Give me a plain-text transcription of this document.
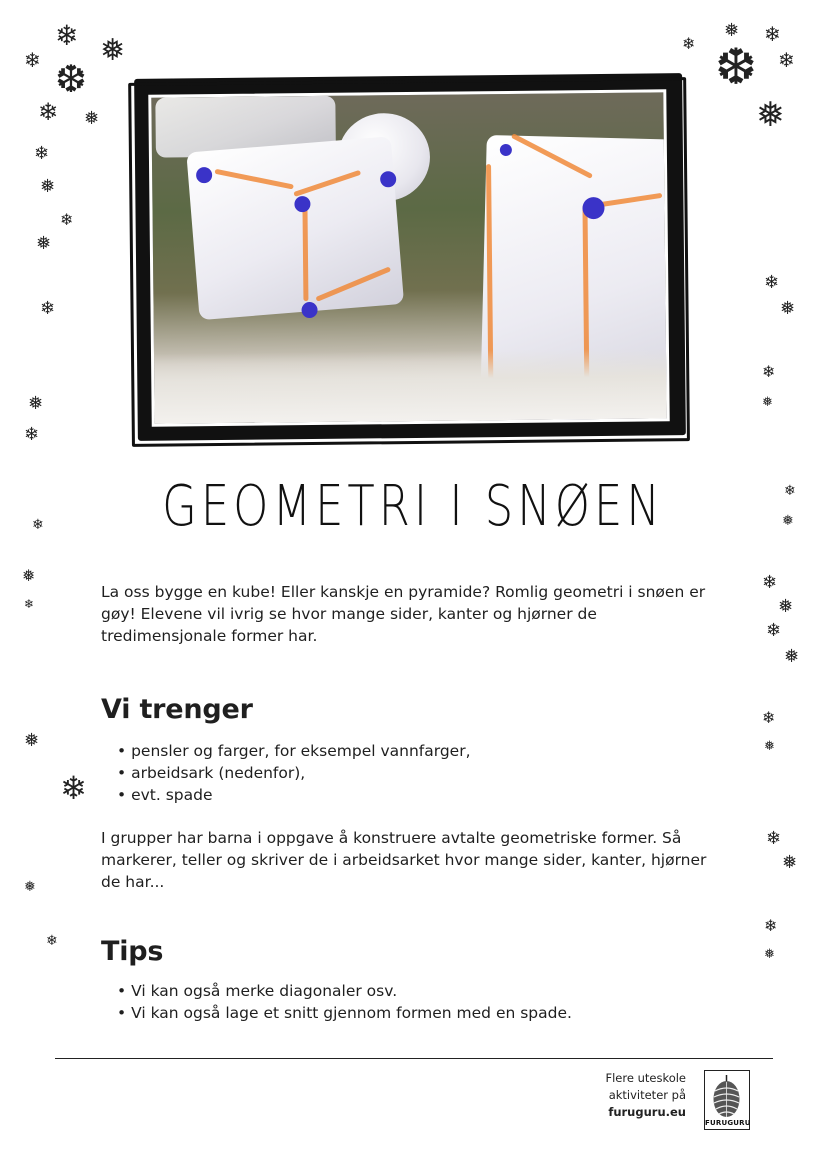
❄ ❅
❄ ❆
❄ ❅
❄
❅
❄
❅
❄
❅
❄
❄
❅
❄
❅
❄
❅
❄
❄
❅ ❄
❆ ❄
❅
❄
❅
❄
❅
❄
❅
❄
❅
❄
❅
❄
❅
❄
❅
❄
❅
GEOMETRI I SNØEN
La oss bygge en kube! Eller kanskje en pyramide? Romlig geometri i snøen er gøy! Elevene vil ivrig se hvor mange sider, kanter og hjørner de tredimensjonale former har.
Vi trenger
• pensler og farger, for eksempel vannfarger,
• arbeidsark (nedenfor),
• evt. spade
I grupper har barna i oppgave å konstruere avtalte geometriske former. Så markerer, teller og skriver de i arbeidsarket hvor mange sider, kanter, hjørner de har...
Tips
• Vi kan også merke diagonaler osv.
• Vi kan også lage et snitt gjennom formen med en spade.
Flere uteskole
aktiviteter på
furuguru.eu
FURUGURU
